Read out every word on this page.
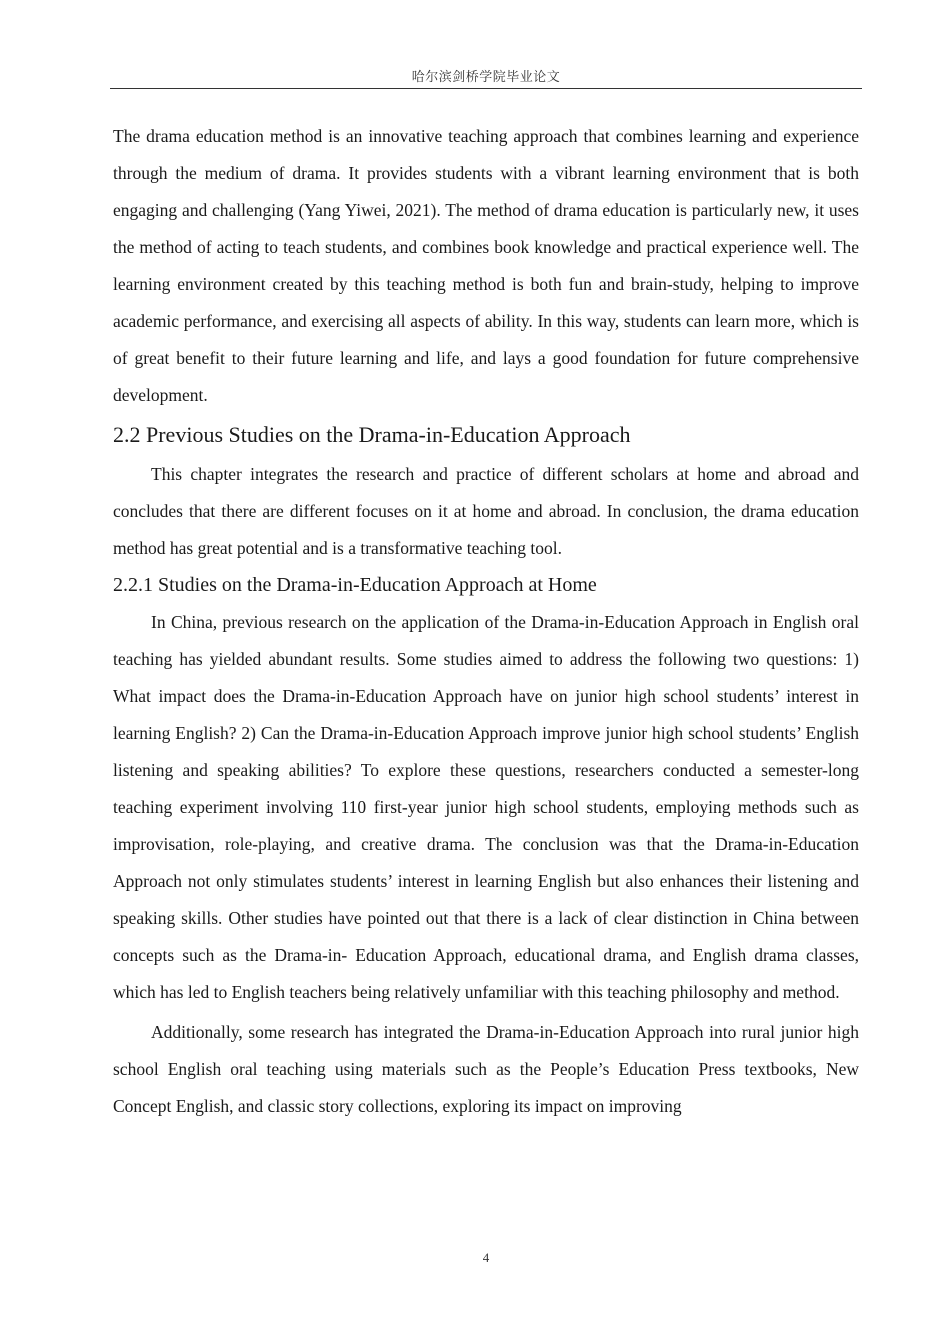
哈尔滨剑桥学院毕业论文

The drama education method is an innovative teaching approach that combines learning and experience through the medium of drama. It provides students with a vibrant learning environment that is both engaging and challenging (Yang Yiwei, 2021). The method of drama education is particularly new, it uses the method of acting to teach students, and combines book knowledge and practical experience well. The learning environment created by this teaching method is both fun and brain-study, helping to improve academic performance, and exercising all aspects of ability. In this way, students can learn more, which is of great benefit to their future learning and life, and lays a good foundation for future comprehensive development.

2.2 Previous Studies on the Drama-in-Education Approach

This chapter integrates the research and practice of different scholars at home and abroad and concludes that there are different focuses on it at home and abroad. In conclusion, the drama education method has great potential and is a transformative teaching tool.

2.2.1 Studies on the Drama-in-Education Approach at Home

In China, previous research on the application of the Drama-in-Education Approach in English oral teaching has yielded abundant results. Some studies aimed to address the following two questions: 1) What impact does the Drama-in-Education Approach have on junior high school students’ interest in learning English? 2) Can the Drama-in-Education Approach improve junior high school students’ English listening and speaking abilities? To explore these questions, researchers conducted a semester-long teaching experiment involving 110 first-year junior high school students, employing methods such as improvisation, role-playing, and creative drama. The conclusion was that the Drama-in-Education Approach not only stimulates students’ interest in learning English but also enhances their listening and speaking skills. Other studies have pointed out that there is a lack of clear distinction in China between concepts such as the Drama-in- Education Approach, educational drama, and English drama classes, which has led to English teachers being relatively unfamiliar with this teaching philosophy and method.

Additionally, some research has integrated the Drama-in-Education Approach into rural junior high school English oral teaching using materials such as the People’s Education Press textbooks, New Concept English, and classic story collections, exploring its impact on improving

4
